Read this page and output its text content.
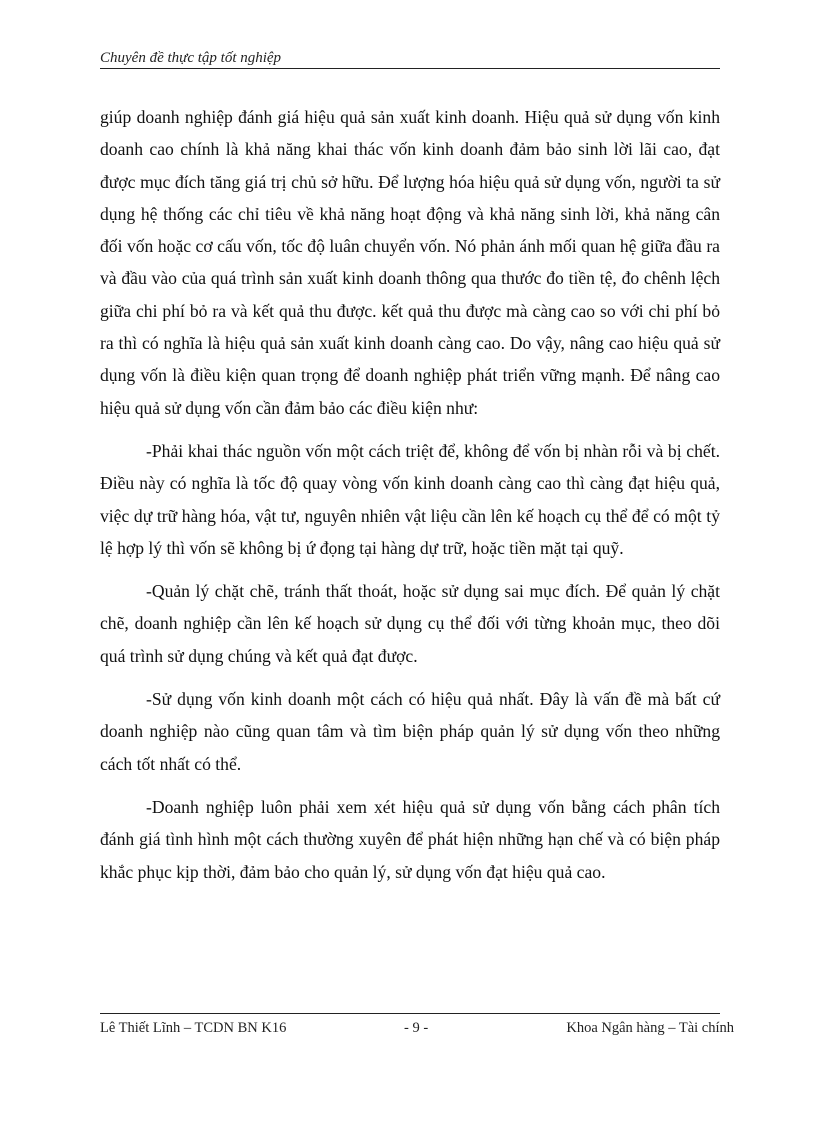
Chuyên đề thực tập tốt nghiệp

giúp doanh nghiệp đánh giá hiệu quả sản xuất kinh doanh. Hiệu quả sử dụng vốn kinh doanh cao chính là khả năng khai thác vốn kinh doanh đảm bảo sinh lời lãi cao, đạt được mục đích tăng giá trị chủ sở hữu. Để lượng hóa hiệu quả sử dụng vốn, người ta sử dụng hệ thống các chỉ tiêu về khả năng hoạt động và khả năng sinh lời, khả năng cân đối vốn hoặc cơ cấu vốn, tốc độ luân chuyển vốn. Nó phản ánh mối quan hệ giữa đầu ra và đầu vào của quá trình sản xuất kinh doanh thông qua thước đo tiền tệ, đo chênh lệch giữa chi phí bỏ ra và kết quả thu được. kết quả thu được mà càng cao so với chi phí bỏ ra thì có nghĩa là hiệu quả sản xuất kinh doanh càng cao. Do vậy, nâng cao hiệu quả sử dụng vốn là điều kiện quan trọng để doanh nghiệp phát triển vững mạnh. Để nâng cao hiệu quả sử dụng vốn cần đảm bảo các điều kiện như:

-Phải khai thác nguồn vốn một cách triệt để, không để vốn bị nhàn rỗi và bị chết. Điều này có nghĩa là tốc độ quay vòng vốn kinh doanh càng cao thì càng đạt hiệu quả, việc dự trữ hàng hóa, vật tư, nguyên nhiên vật liệu cần lên kế hoạch cụ thể để có một tỷ lệ hợp lý thì vốn sẽ không bị ứ đọng tại hàng dự trữ, hoặc tiền mặt tại quỹ.

-Quản lý chặt chẽ, tránh thất thoát, hoặc sử dụng sai mục đích. Để quản lý chặt chẽ, doanh nghiệp cần lên kế hoạch sử dụng cụ thể đối với từng khoản mục, theo dõi quá trình sử dụng chúng và kết quả đạt được.

-Sử dụng vốn kinh doanh một cách có hiệu quả nhất. Đây là vấn đề mà bất cứ doanh nghiệp nào cũng quan tâm và tìm biện pháp quản lý sử dụng vốn theo những cách tốt nhất có thể.

-Doanh nghiệp luôn phải xem xét hiệu quả sử dụng vốn bằng cách phân tích đánh giá tình hình một cách thường xuyên để phát hiện những hạn chế và có biện pháp khắc phục kịp thời, đảm bảo cho quản lý, sử dụng vốn đạt hiệu quả cao.

Lê Thiết Lĩnh – TCDN BN K16	- 9 -	Khoa Ngân hàng – Tài chính
